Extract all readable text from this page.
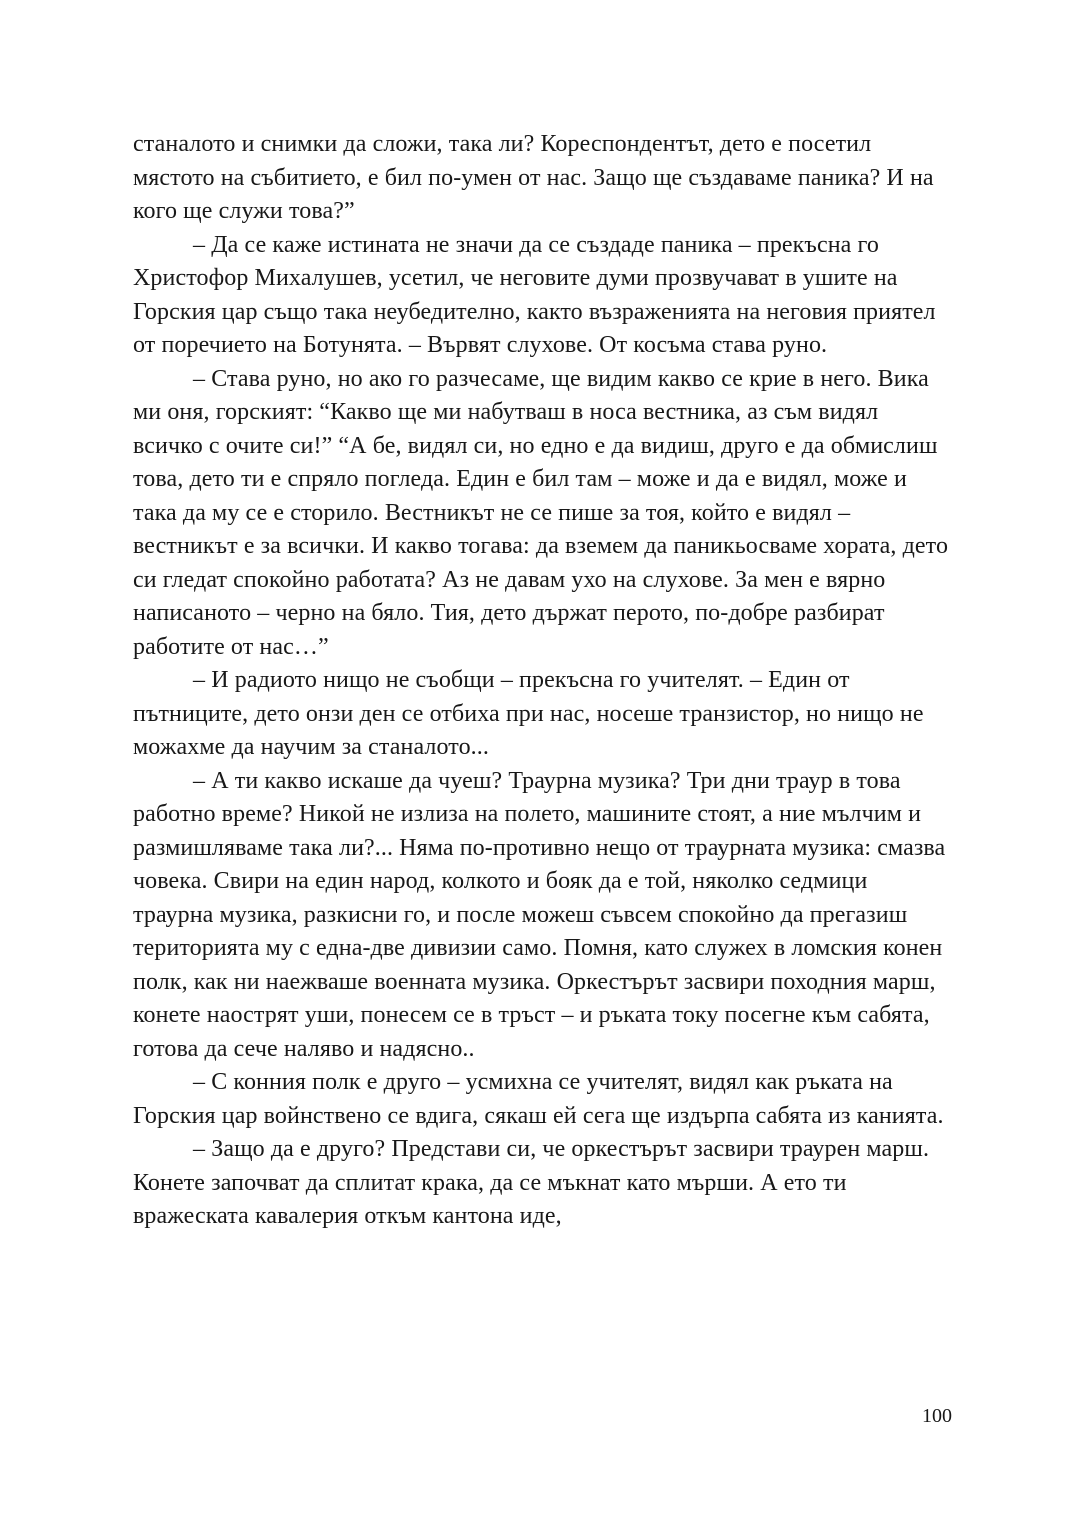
станалото и снимки да сложи, така ли? Кореспондентът, дето е посетил мястото на събитието, е бил по-умен от нас. Защо ще създаваме паника? И на кого ще служи това?”

– Да се каже истината не значи да се създаде паника – прекъсна го Христофор Михалушев, усетил, че неговите думи прозвучават в ушите на Горския цар също така неубедително, както възраженията на неговия приятел от поречието на Ботунята. – Вървят слухове. От косъма става руно.

– Става руно, но ако го разчесаме, ще видим какво се крие в него. Вика ми оня, горският: “Какво ще ми набутваш в носа вестника, аз съм видял всичко с очите си!” “А бе, видял си, но едно е да видиш, друго е да обмислиш това, дето ти е спряло погледа. Един е бил там – може и да е видял, може и така да му се е сторило. Вестникът не се пише за тоя, който е видял – вестникът е за всички. И какво тогава: да вземем да паникьосваме хората, дето си гледат спокойно работата? Аз не давам ухо на слухове. За мен е вярно написаното – черно на бяло. Тия, дето държат перото, по-добре разбират работите от нас…”

– И радиото нищо не съобщи – прекъсна го учителят. – Един от пътниците, дето онзи ден се отбиха при нас, носеше транзистор, но нищо не можахме да научим за станалото...

– А ти какво искаше да чуеш? Траурна музика? Три дни траур в това работно време? Никой не излиза на полето, машините стоят, а ние мълчим и размишляваме така ли?... Няма по-противно нещо от траурната музика: смазва човека. Свири на един народ, колкото и бояк да е той, няколко седмици траурна музика, разкисни го, и после можеш съвсем спокойно да прегазиш територията му с една-две дивизии само. Помня, като служех в ломския конен полк, как ни наежваше военната музика. Оркестърът засвири походния марш, конете наострят уши, понесем се в тръст – и ръката току посегне към сабята, готова да сече наляво и надясно..

– С конния полк е друго – усмихна се учителят, видял как ръката на Горския цар войнствено се вдига, сякаш ей сега ще издърпа сабята из канията.

– Защо да е друго? Представи си, че оркестърът засвири траурен марш. Конете започват да сплитат крака, да се мъкнат като мърши. А ето ти вражеската кавалерия откъм кантона иде,

100
